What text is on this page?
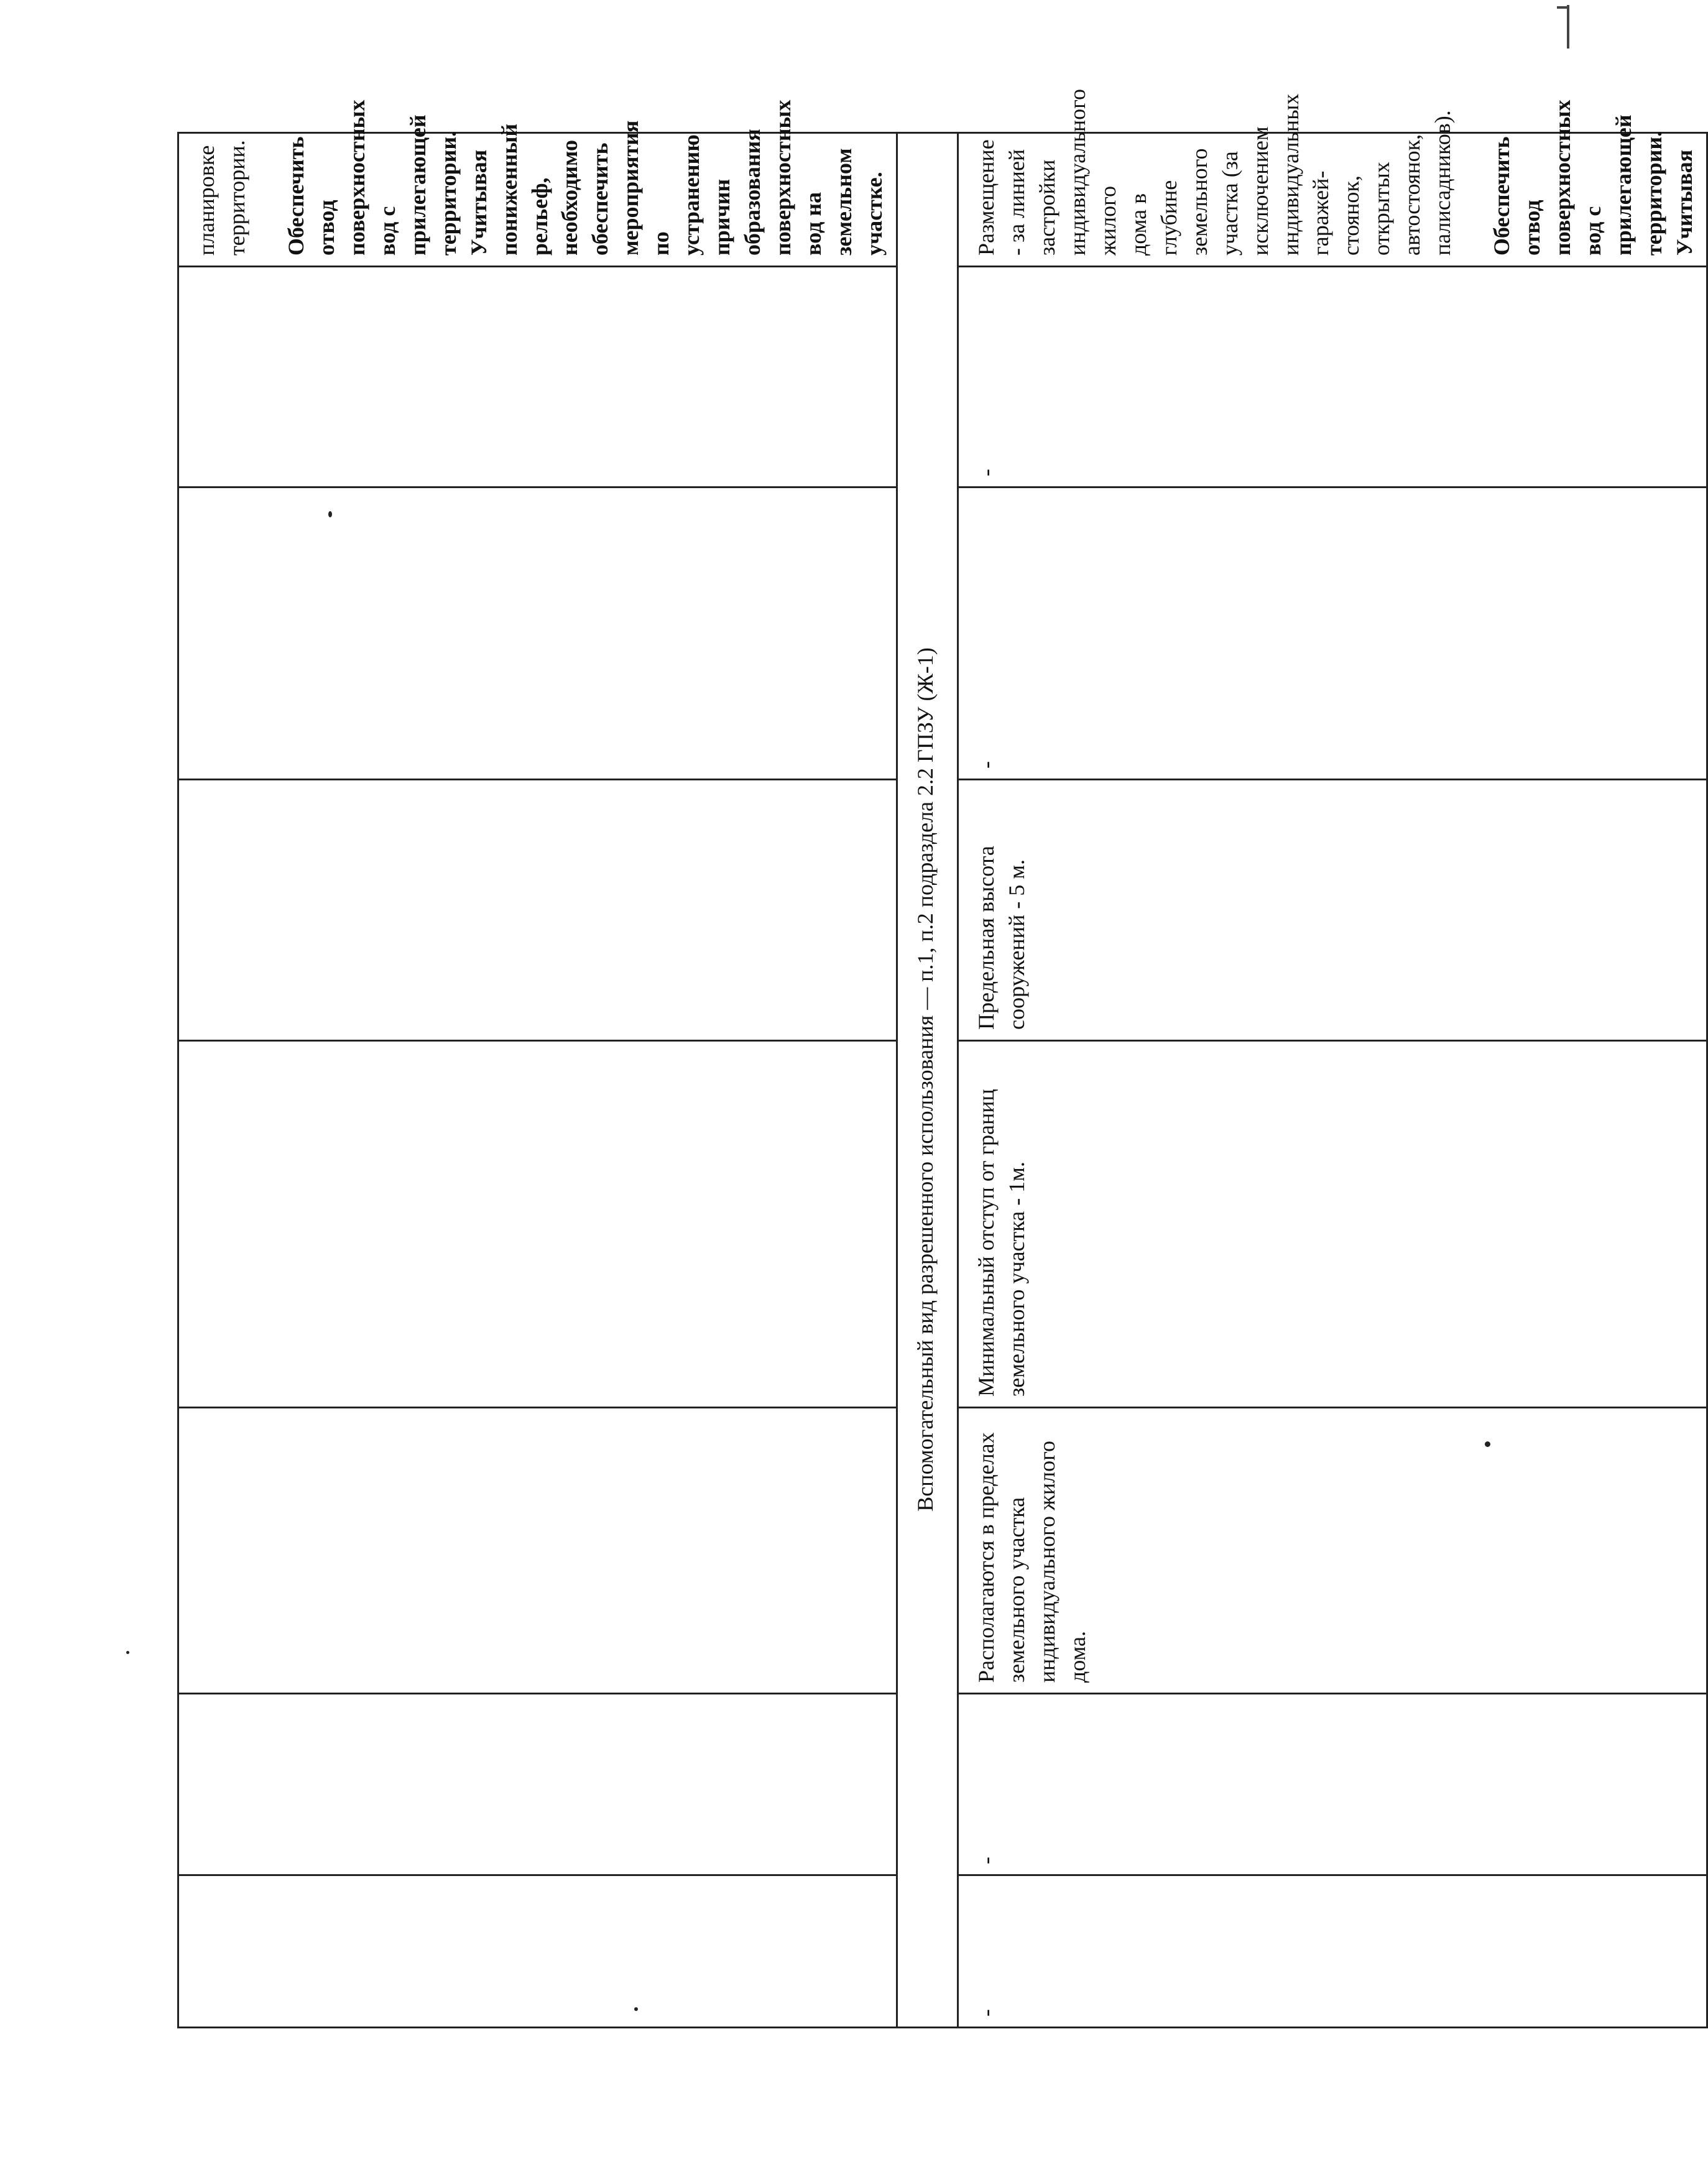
							планировке территории. Обеспечить отвод поверхностных вод с прилегающей территории. Учитывая пониженный рельеф, необходимо обеспечить мероприятия по устранению причин образования поверхностных вод на земельном участке.

Вспомогательный вид разрешенного использования — п.1, п.2 подраздела 2.2 ГПЗУ (Ж-1)							
-	-	Располагаются в пределах земельного участка индивидуального жилого дома.	Минимальный отступ от границ земельного участка - 1м.	Предельная высота сооружений - 5 м.	-	-	Размещение - за линией застройки индивидуального жилого дома в глубине земельного участка (за исключением индивидуальных гаражей-стоянок, открытых автостоянок, палисадников). Обеспечить отвод поверхностных вод с прилегающей территории. Учитывая
